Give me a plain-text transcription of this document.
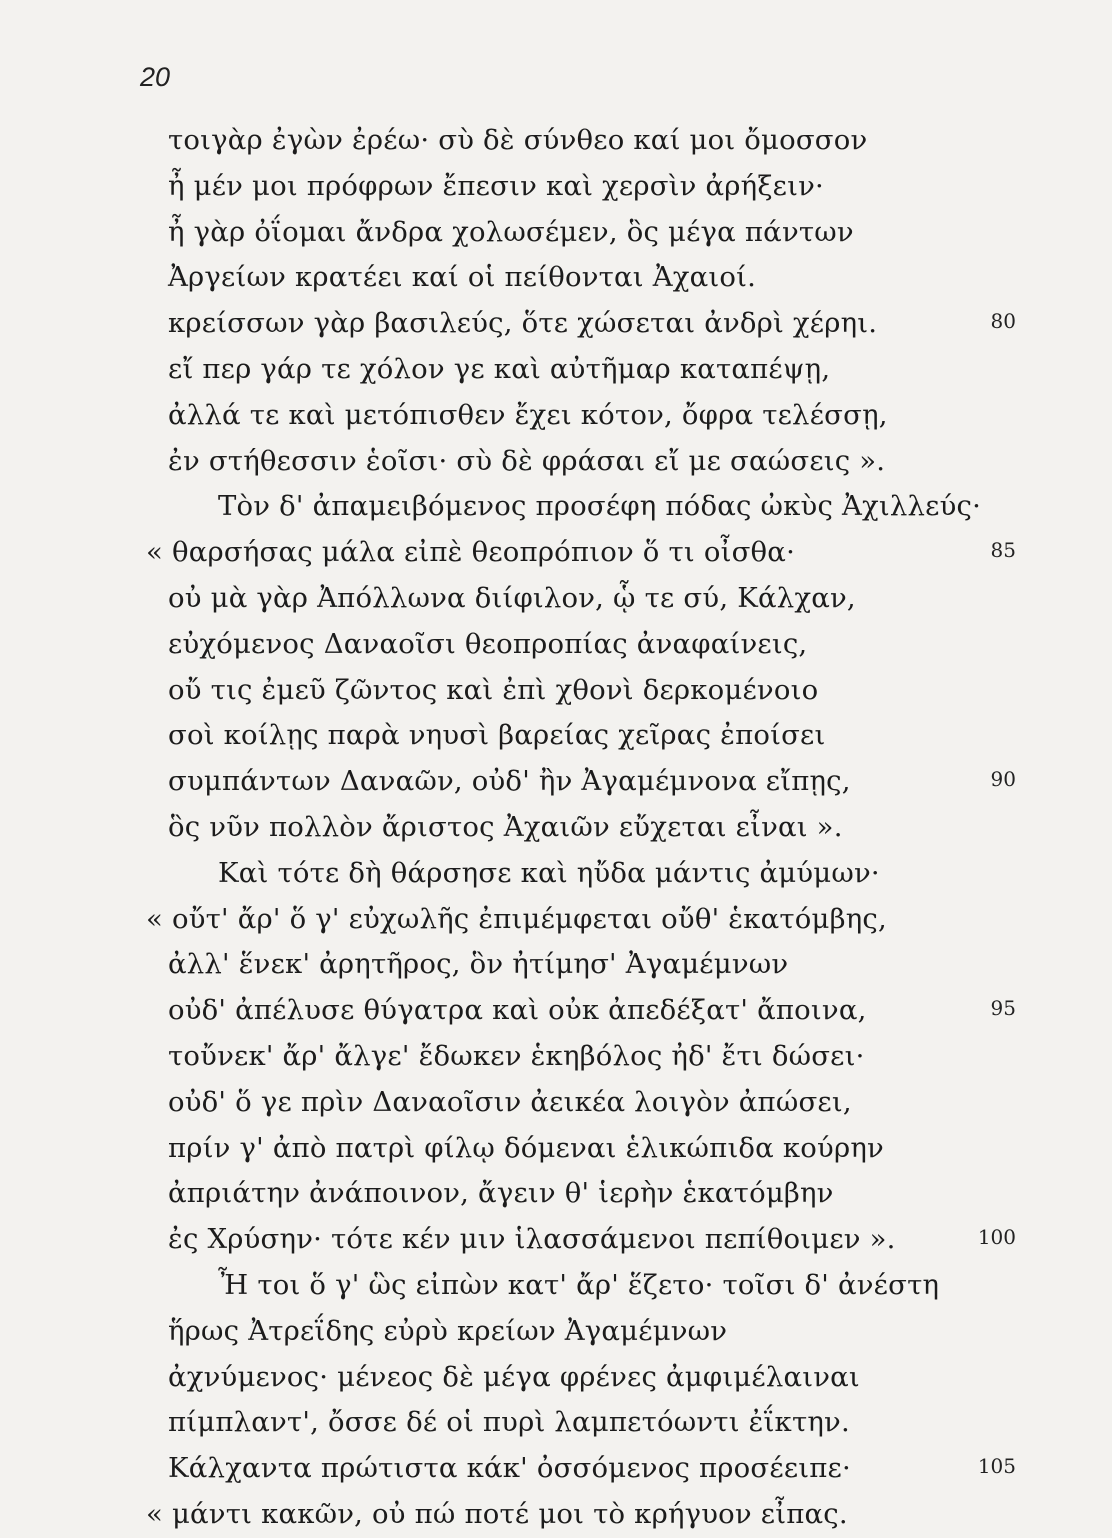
20
τοιγὰρ ἐγὼν ἐρέω· σὺ δὲ σύνθεο καί μοι ὄμοσσον
ἦ μέν μοι πρόφρων ἔπεσιν καὶ χερσὶν ἀρήξειν·
ἦ γὰρ ὀΐομαι ἄνδρα χολωσέμεν, ὃς μέγα πάντων
Ἀργείων κρατέει καί οἱ πείθονται Ἀχαιοί.
κρείσσων γὰρ βασιλεύς, ὅτε χώσεται ἀνδρὶ χέρηι.	80
εἴ περ γάρ τε χόλον γε καὶ αὐτῆμαρ καταπέψῃ,
ἀλλά τε καὶ μετόπισθεν ἔχει κότον, ὄφρα τελέσσῃ,
ἐν στήθεσσιν ἑοῖσι· σὺ δὲ φράσαι εἴ με σαώσεις ».
Τὸν δ' ἀπαμειβόμενος προσέφη πόδας ὠκὺς Ἀχιλλεύς·
« θαρσήσας μάλα εἰπὲ θεοπρόπιον ὅ τι οἶσθα·	85
οὐ μὰ γὰρ Ἀπόλλωνα διίφιλον, ᾧ τε σύ, Κάλχαν,
εὐχόμενος Δαναοῖσι θεοπροπίας ἀναφαίνεις,
οὔ τις ἐμεῦ ζῶντος καὶ ἐπὶ χθονὶ δερκομένοιο
σοὶ κοίλῃς παρὰ νηυσὶ βαρείας χεῖρας ἐποίσει
συμπάντων Δαναῶν, οὐδ' ἢν Ἀγαμέμνονα εἴπῃς,	90
ὃς νῦν πολλὸν ἄριστος Ἀχαιῶν εὔχεται εἶναι ».
Καὶ τότε δὴ θάρσησε καὶ ηὔδα μάντις ἀμύμων·
« οὔτ' ἄρ' ὅ γ' εὐχωλῆς ἐπιμέμφεται οὔθ' ἑκατόμβης,
ἀλλ' ἕνεκ' ἀρητῆρος, ὃν ἠτίμησ' Ἀγαμέμνων
οὐδ' ἀπέλυσε θύγατρα καὶ οὐκ ἀπεδέξατ' ἄποινα,	95
τοὔνεκ' ἄρ' ἄλγε' ἔδωκεν ἑκηβόλος ἠδ' ἔτι δώσει·
οὐδ' ὅ γε πρὶν Δαναοῖσιν ἀεικέα λοιγὸν ἀπώσει,
πρίν γ' ἀπὸ πατρὶ φίλῳ δόμεναι ἑλικώπιδα κούρην
ἀπριάτην ἀνάποινον, ἄγειν θ' ἱερὴν ἑκατόμβην
ἐς Χρύσην· τότε κέν μιν ἱλασσάμενοι πεπίθοιμεν ».	100
Ἦ τοι ὅ γ' ὣς εἰπὼν κατ' ἄρ' ἕζετο· τοῖσι δ' ἀνέστη
ἥρως Ἀτρεΐδης εὐρὺ κρείων Ἀγαμέμνων
ἀχνύμενος· μένεος δὲ μέγα φρένες ἀμφιμέλαιναι
πίμπλαντ', ὄσσε δέ οἱ πυρὶ λαμπετόωντι ἐΐκτην.
Κάλχαντα πρώτιστα κάκ' ὀσσόμενος προσέειπε·	105
« μάντι κακῶν, οὐ πώ ποτέ μοι τὸ κρήγυον εἶπας.
